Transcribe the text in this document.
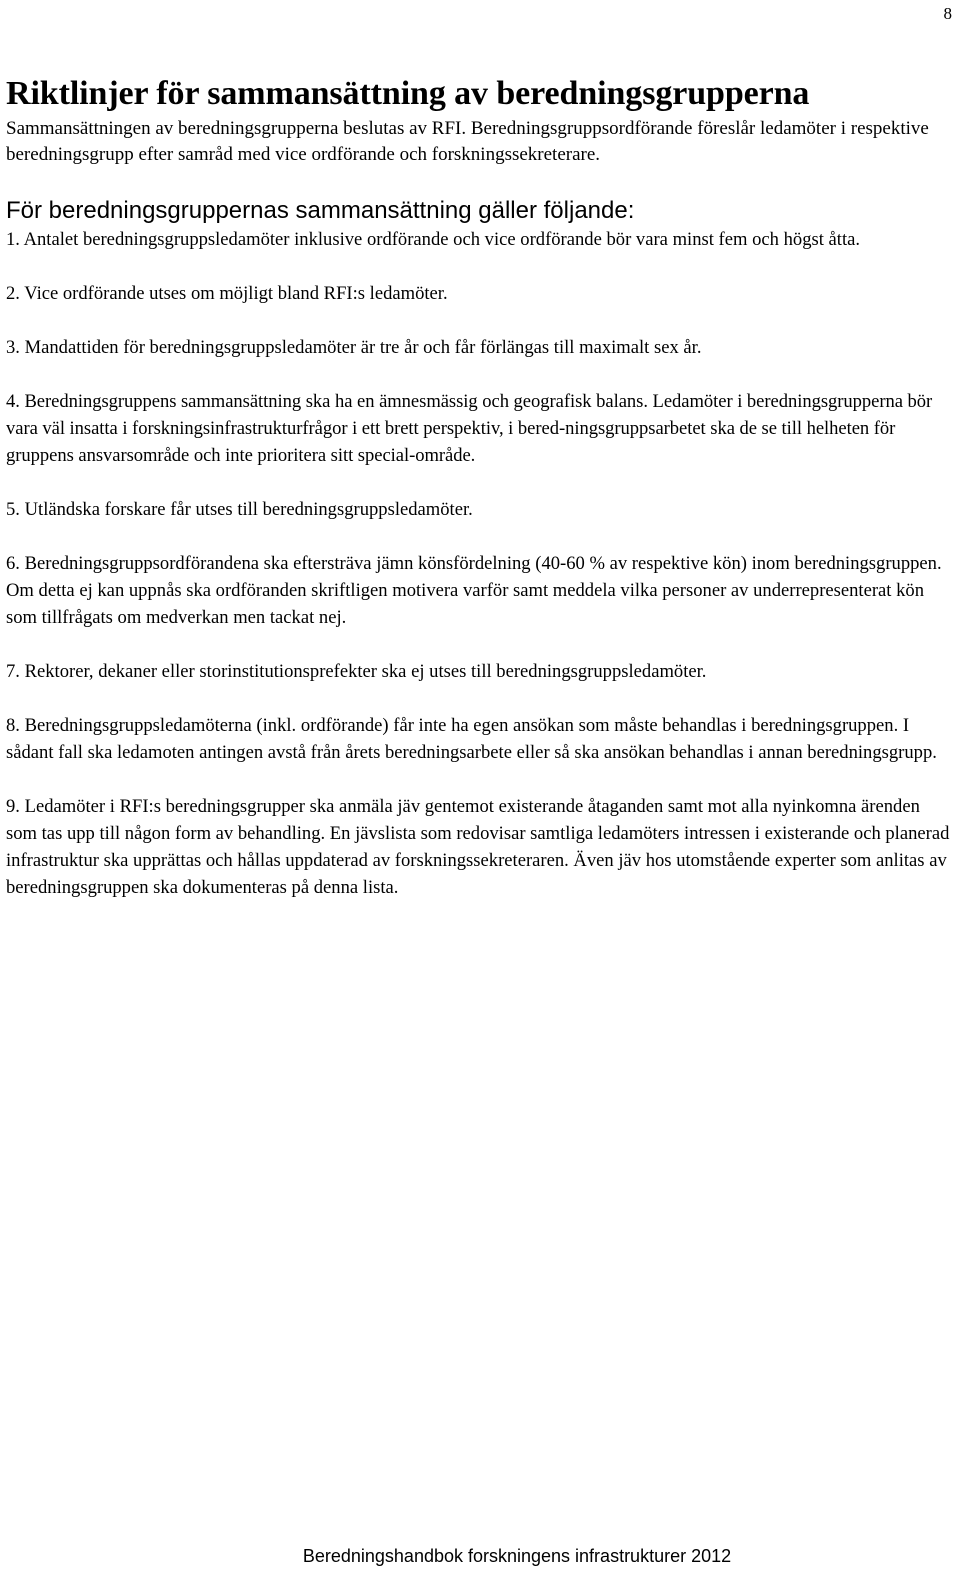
8
Riktlinjer för sammansättning av beredningsgrupperna

Sammansättningen av beredningsgrupperna beslutas av RFI. Beredningsgruppsordförande föreslår ledamöter i respektive beredningsgrupp efter samråd med vice ordförande och forskningssekreterare.

För beredningsgruppernas sammansättning gäller följande:

1. Antalet beredningsgruppsledamöter inklusive ordförande och vice ordförande bör vara minst fem och högst åtta.

2. Vice ordförande utses om möjligt bland RFI:s ledamöter.

3. Mandattiden för beredningsgruppsledamöter är tre år och får förlängas till maximalt sex år.

4. Beredningsgruppens sammansättning ska ha en ämnesmässig och geografisk balans. Ledamöter i beredningsgrupperna bör vara väl insatta i forskningsinfrastrukturfrågor i ett brett perspektiv, i bered-ningsgruppsarbetet ska de se till helheten för gruppens ansvarsområde och inte prioritera sitt special-område.

5. Utländska forskare får utses till beredningsgruppsledamöter.

6. Beredningsgruppsordförandena ska eftersträva jämn könsfördelning (40-60 % av respektive kön) inom beredningsgruppen. Om detta ej kan uppnås ska ordföranden skriftligen motivera varför samt meddela vilka personer av underrepresenterat kön som tillfrågats om medverkan men tackat nej.

7. Rektorer, dekaner eller storinstitutionsprefekter ska ej utses till beredningsgruppsledamöter.

8. Beredningsgruppsledamöterna (inkl. ordförande) får inte ha egen ansökan som måste behandlas i beredningsgruppen. I sådant fall ska ledamoten antingen avstå från årets beredningsarbete eller så ska ansökan behandlas i annan beredningsgrupp.

9. Ledamöter i RFI:s beredningsgrupper ska anmäla jäv gentemot existerande åtaganden samt mot alla nyinkomna ärenden som tas upp till någon form av behandling. En jävslista som redovisar samtliga ledamöters intressen i existerande och planerad infrastruktur ska upprättas och hållas uppdaterad av forskningssekreteraren. Även jäv hos utomstående experter som anlitas av beredningsgruppen ska dokumenteras på denna lista.

Beredningshandbok forskningens infrastrukturer 2012
